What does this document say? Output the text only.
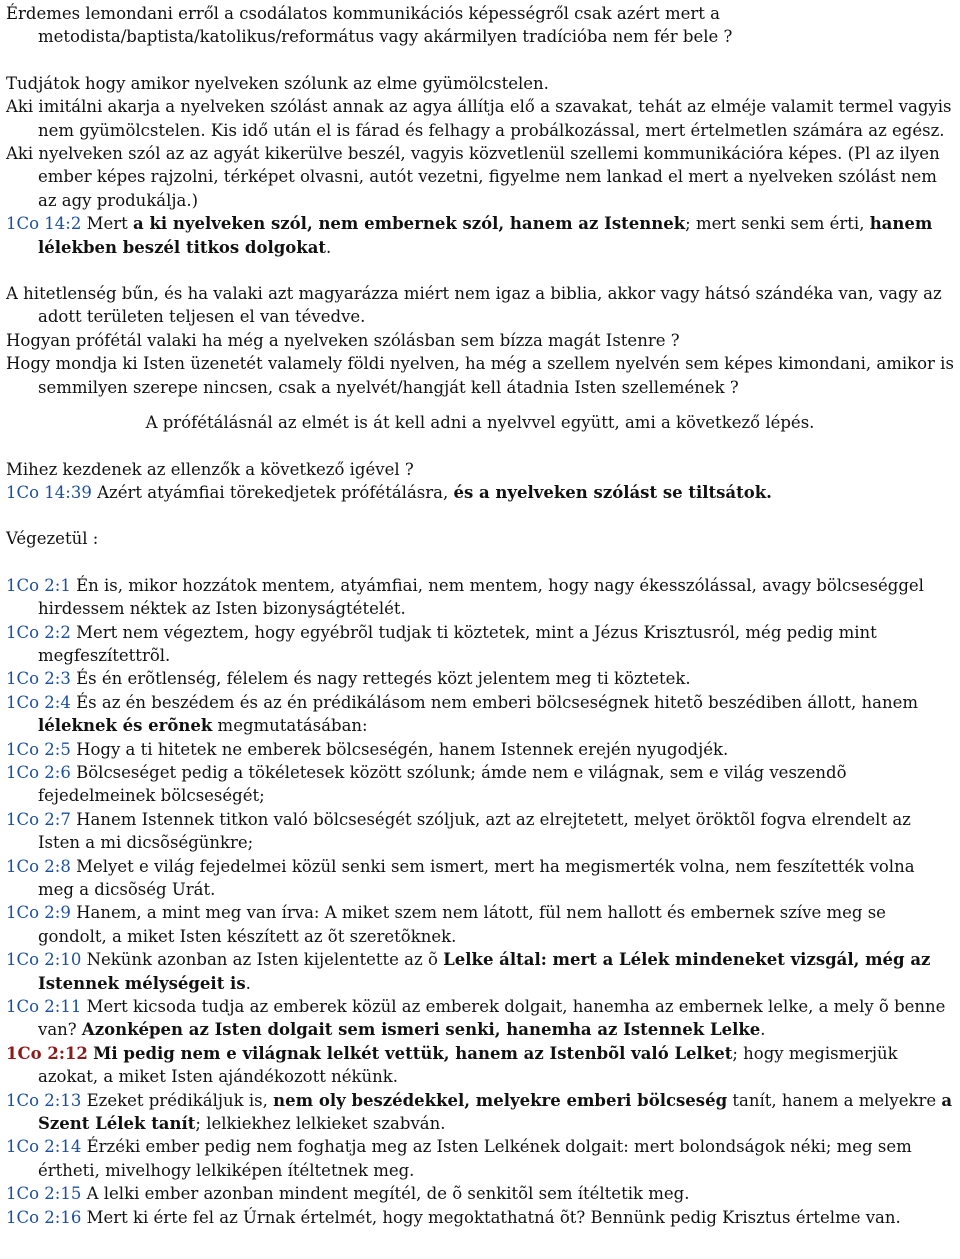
Érdemes lemondani erről a csodálatos kommunikációs képességről csak azért mert a metodista/baptista/katolikus/református vagy akármilyen tradícióba nem fér bele ?

Tudjátok hogy amikor nyelveken szólunk az elme gyümölcstelen.

Aki imitálni akarja a nyelveken szólást annak az agya állítja elő a szavakat, tehát az elméje valamit termel vagyis nem gyümölcstelen. Kis idő után el is fárad és felhagy a probálkozással, mert értelmetlen számára az egész.

Aki nyelveken szól az az agyát kikerülve beszél, vagyis közvetlenül szellemi kommunikációra képes. (Pl az ilyen ember képes rajzolni, térképet olvasni, autót vezetni, figyelme nem lankad el mert a nyelveken szólást nem az agy produkálja.)

1Co 14:2 Mert a ki nyelveken szól, nem embernek szól, hanem az Istennek; mert senki sem érti, hanem lélekben beszél titkos dolgokat.

A hitetlenség bűn, és ha valaki azt magyarázza miért nem igaz a biblia, akkor vagy hátsó szándéka van, vagy az adott területen teljesen el van tévedve.

Hogyan prófétál valaki ha még a nyelveken szólásban sem bízza magát Istenre ?

Hogy mondja ki Isten üzenetét valamely földi nyelven, ha még a szellem nyelvén sem képes kimondani, amikor is semmilyen szerepe nincsen, csak a nyelvét/hangját kell átadnia Isten szellemének ?

A prófétálásnál az elmét is át kell adni a nyelvvel együtt, ami a következő lépés.

Mihez kezdenek az ellenzők a következő igével ?

1Co 14:39 Azért atyámfiai törekedjetek prófétálásra, és a nyelveken szólást se tiltsátok.

Végezetül :

1Co 2:1 Én is, mikor hozzátok mentem, atyámfiai, nem mentem, hogy nagy ékesszólással, avagy bölcseséggel hirdessem néktek az Isten bizonyságtételét.

1Co 2:2 Mert nem végeztem, hogy egyébrõl tudjak ti köztetek, mint a Jézus Krisztusról, még pedig mint megfeszítettrõl.

1Co 2:3 És én erõtlenség, félelem és nagy rettegés közt jelentem meg ti köztetek.

1Co 2:4 És az én beszédem és az én prédikálásom nem emberi bölcseségnek hitetõ beszédiben állott, hanem léleknek és erõnek megmutatásában:

1Co 2:5 Hogy a ti hitetek ne emberek bölcseségén, hanem Istennek erején nyugodjék.

1Co 2:6 Bölcseséget pedig a tökéletesek között szólunk; ámde nem e világnak, sem e világ veszendõ fejedelmeinek bölcseségét;

1Co 2:7 Hanem Istennek titkon való bölcseségét szóljuk, azt az elrejtetett, melyet öröktõl fogva elrendelt az Isten a mi dicsõségünkre;

1Co 2:8 Melyet e világ fejedelmei közül senki sem ismert, mert ha megismerték volna, nem feszítették volna meg a dicsõség Urát.

1Co 2:9 Hanem, a mint meg van írva: A miket szem nem látott, fül nem hallott és embernek szíve meg se gondolt, a miket Isten készített az õt szeretõknek.

1Co 2:10 Nekünk azonban az Isten kijelentette az õ Lelke által: mert a Lélek mindeneket vizsgál, még az Istennek mélységeit is.

1Co 2:11 Mert kicsoda tudja az emberek közül az emberek dolgait, hanemha az embernek lelke, a mely õ benne van? Azonképen az Isten dolgait sem ismeri senki, hanemha az Istennek Lelke.

1Co 2:12 Mi pedig nem e világnak lelkét vettük, hanem az Istenbõl való Lelket; hogy megismerjük azokat, a miket Isten ajándékozott nékünk.

1Co 2:13 Ezeket prédikáljuk is, nem oly beszédekkel, melyekre emberi bölcseség tanít, hanem a melyekre a Szent Lélek tanít; lelkiekhez lelkieket szabván.

1Co 2:14 Érzéki ember pedig nem foghatja meg az Isten Lelkének dolgait: mert bolondságok néki; meg sem értheti, mivelhogy lelkiképen ítéltetnek meg.

1Co 2:15 A lelki ember azonban mindent megítél, de õ senkitõl sem ítéltetik meg.

1Co 2:16 Mert ki érte fel az Úrnak értelmét, hogy megoktathatná õt? Bennünk pedig Krisztus értelme van.
